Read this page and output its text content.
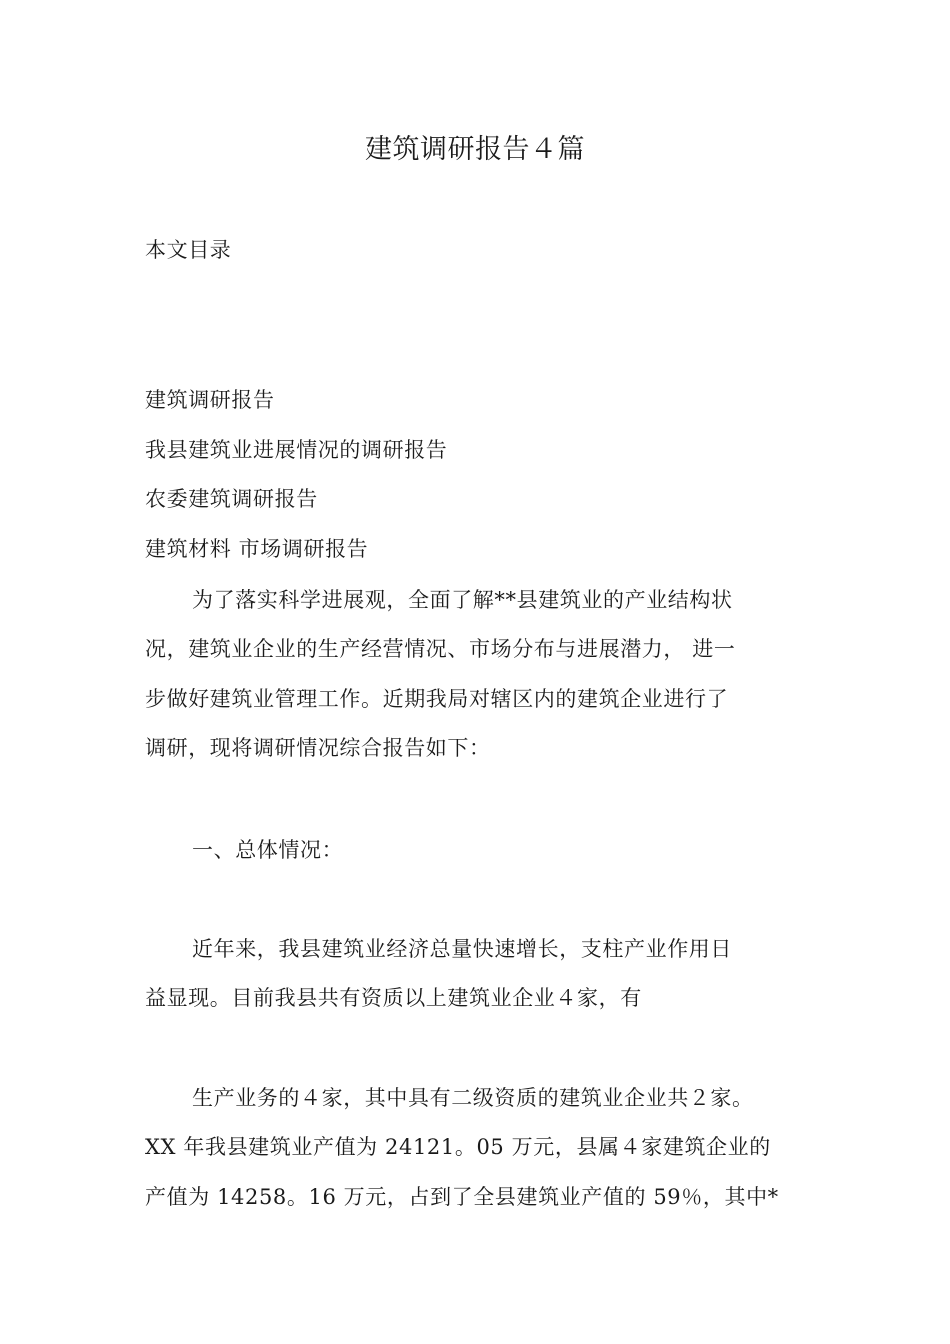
建筑调研报告４篇
本文目录
建筑调研报告
我县建筑业进展情况的调研报告
农委建筑调研报告
建筑材料 市场调研报告
为了落实科学进展观，全面了解**县建筑业的产业结构状
况，建筑业企业的生产经营情况、市场分布与进展潜力， 进一
步做好建筑业管理工作。近期我局对辖区内的建筑企业进行了
调研，现将调研情况综合报告如下：
一、总体情况：
近年来，我县建筑业经济总量快速增长，支柱产业作用日
益显现。目前我县共有资质以上建筑业企业４家，有
生产业务的４家，其中具有二级资质的建筑业企业共２家。
XX 年我县建筑业产值为 24121。05 万元，县属４家建筑企业的
产值为 14258。16 万元，占到了全县建筑业产值的 59％，其中*
